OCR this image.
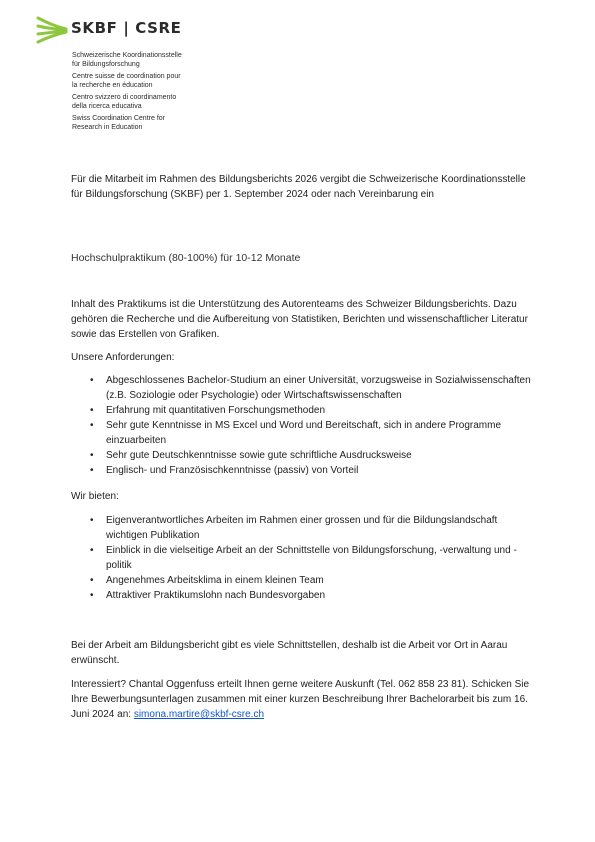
SKBF | CSRE
Schweizerische Koordinationsstelle
für Bildungsforschung
Centre suisse de coordination pour
la recherche en éducation
Centro svizzero di coordinamento
della ricerca educativa
Swiss Coordination Centre for
Research in Education

Für die Mitarbeit im Rahmen des Bildungsberichts 2026 vergibt die Schweizerische Koordinationsstelle für Bildungsforschung (SKBF) per 1. September 2024 oder nach Vereinbarung ein

Hochschulpraktikum (80-100%) für 10-12 Monate

Inhalt des Praktikums ist die Unterstützung des Autorenteams des Schweizer Bildungsberichts. Dazu gehören die Recherche und die Aufbereitung von Statistiken, Berichten und wissenschaftlicher Literatur sowie das Erstellen von Grafiken.

Unsere Anforderungen:

• Abgeschlossenes Bachelor-Studium an einer Universität, vorzugsweise in Sozialwissenschaften (z.B. Soziologie oder Psychologie) oder Wirtschaftswissenschaften
• Erfahrung mit quantitativen Forschungsmethoden
• Sehr gute Kenntnisse in MS Excel und Word und Bereitschaft, sich in andere Programme einzuarbeiten
• Sehr gute Deutschkenntnisse sowie gute schriftliche Ausdrucksweise
• Englisch- und Französischkenntnisse (passiv) von Vorteil

Wir bieten:

• Eigenverantwortliches Arbeiten im Rahmen einer grossen und für die Bildungslandschaft wichtigen Publikation
• Einblick in die vielseitige Arbeit an der Schnittstelle von Bildungsforschung, -verwaltung und -politik
• Angenehmes Arbeitsklima in einem kleinen Team
• Attraktiver Praktikumslohn nach Bundesvorgaben

Bei der Arbeit am Bildungsbericht gibt es viele Schnittstellen, deshalb ist die Arbeit vor Ort in Aarau erwünscht.

Interessiert? Chantal Oggenfuss erteilt Ihnen gerne weitere Auskunft (Tel. 062 858 23 81). Schicken Sie Ihre Bewerbungsunterlagen zusammen mit einer kurzen Beschreibung Ihrer Bachelorarbeit bis zum 16. Juni 2024 an: simona.martire@skbf-csre.ch
